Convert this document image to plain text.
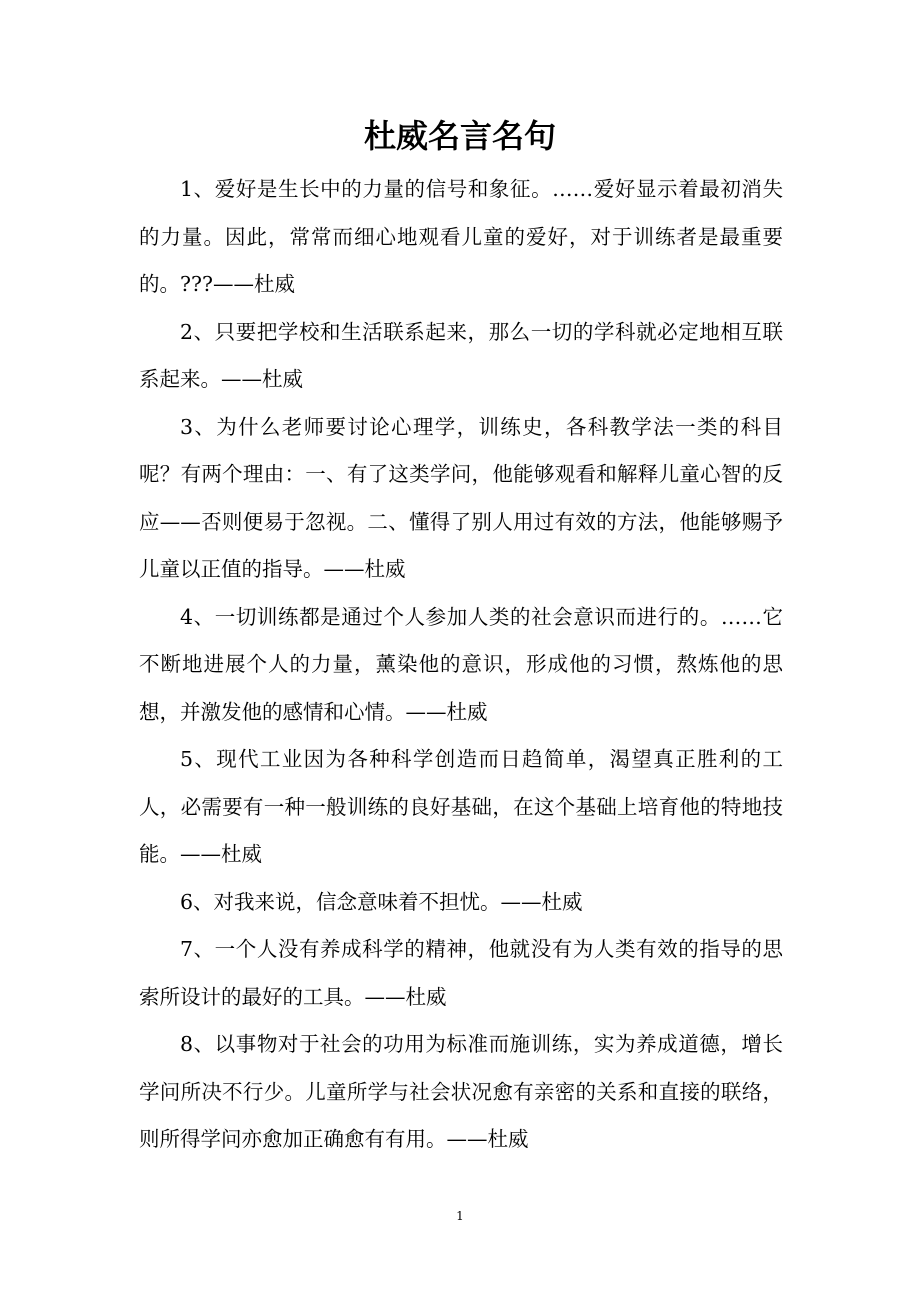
杜威名言名句

1、爱好是生长中的力量的信号和象征。……爱好显示着最初消失的力量。因此，常常而细心地观看儿童的爱好，对于训练者是最重要的。???——杜威

2、只要把学校和生活联系起来，那么一切的学科就必定地相互联系起来。——杜威

3、为什么老师要讨论心理学，训练史，各科教学法一类的科目呢？有两个理由：一、有了这类学问，他能够观看和解释儿童心智的反应——否则便易于忽视。二、懂得了别人用过有效的方法，他能够赐予儿童以正值的指导。——杜威

4、一切训练都是通过个人参加人类的社会意识而进行的。……它不断地进展个人的力量，薰染他的意识，形成他的习惯，熬炼他的思想，并激发他的感情和心情。——杜威

5、现代工业因为各种科学创造而日趋简单，渴望真正胜利的工人，必需要有一种一般训练的良好基础，在这个基础上培育他的特地技能。——杜威

6、对我来说，信念意味着不担忧。——杜威

7、一个人没有养成科学的精神，他就没有为人类有效的指导的思索所设计的最好的工具。——杜威

8、以事物对于社会的功用为标准而施训练，实为养成道德，增长学问所决不行少。儿童所学与社会状况愈有亲密的关系和直接的联络，则所得学问亦愈加正确愈有有用。——杜威

1
